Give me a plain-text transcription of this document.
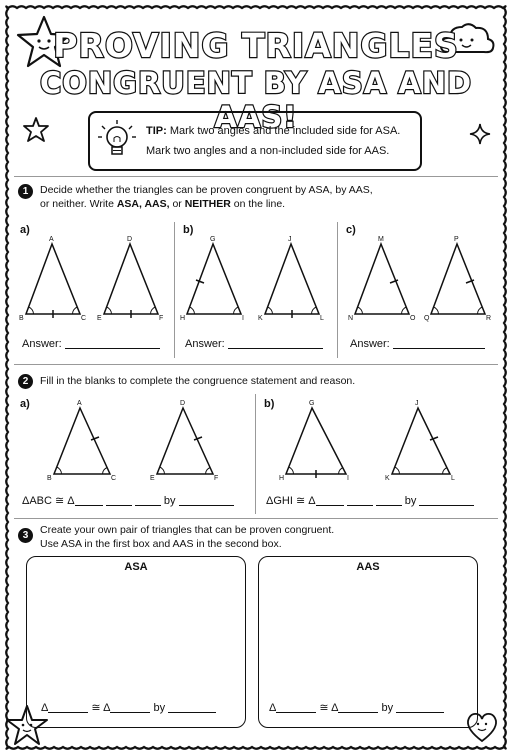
PROVING TRIANGLES
CONGRUENT BY ASA AND AAS!
TIP: Mark two angles and the included side for ASA.
Mark two angles and a non-included side for AAS.
1	Decide whether the triangles can be proven congruent by ASA, by AAS,
or neither. Write ASA, AAS, or NEITHER on the line.
a)	b)	c)
A
B	C
D
E	F
G
H	I
J
K	L
M
N	O
P
Q	R
Answer:	Answer:	Answer:
2	Fill in the blanks to complete the congruence statement and reason.
a)	b)
A
B	C
D
E	F
G
H	I
J
K	L
ΔABC ≅ Δ	by	ΔGHI ≅ Δ	by
3	Create your own pair of triangles that can be proven congruent.
Use ASA in the first box and AAS in the second box.
ASA
Δ	≅ Δ	by
AAS
Δ	≅ Δ	by
